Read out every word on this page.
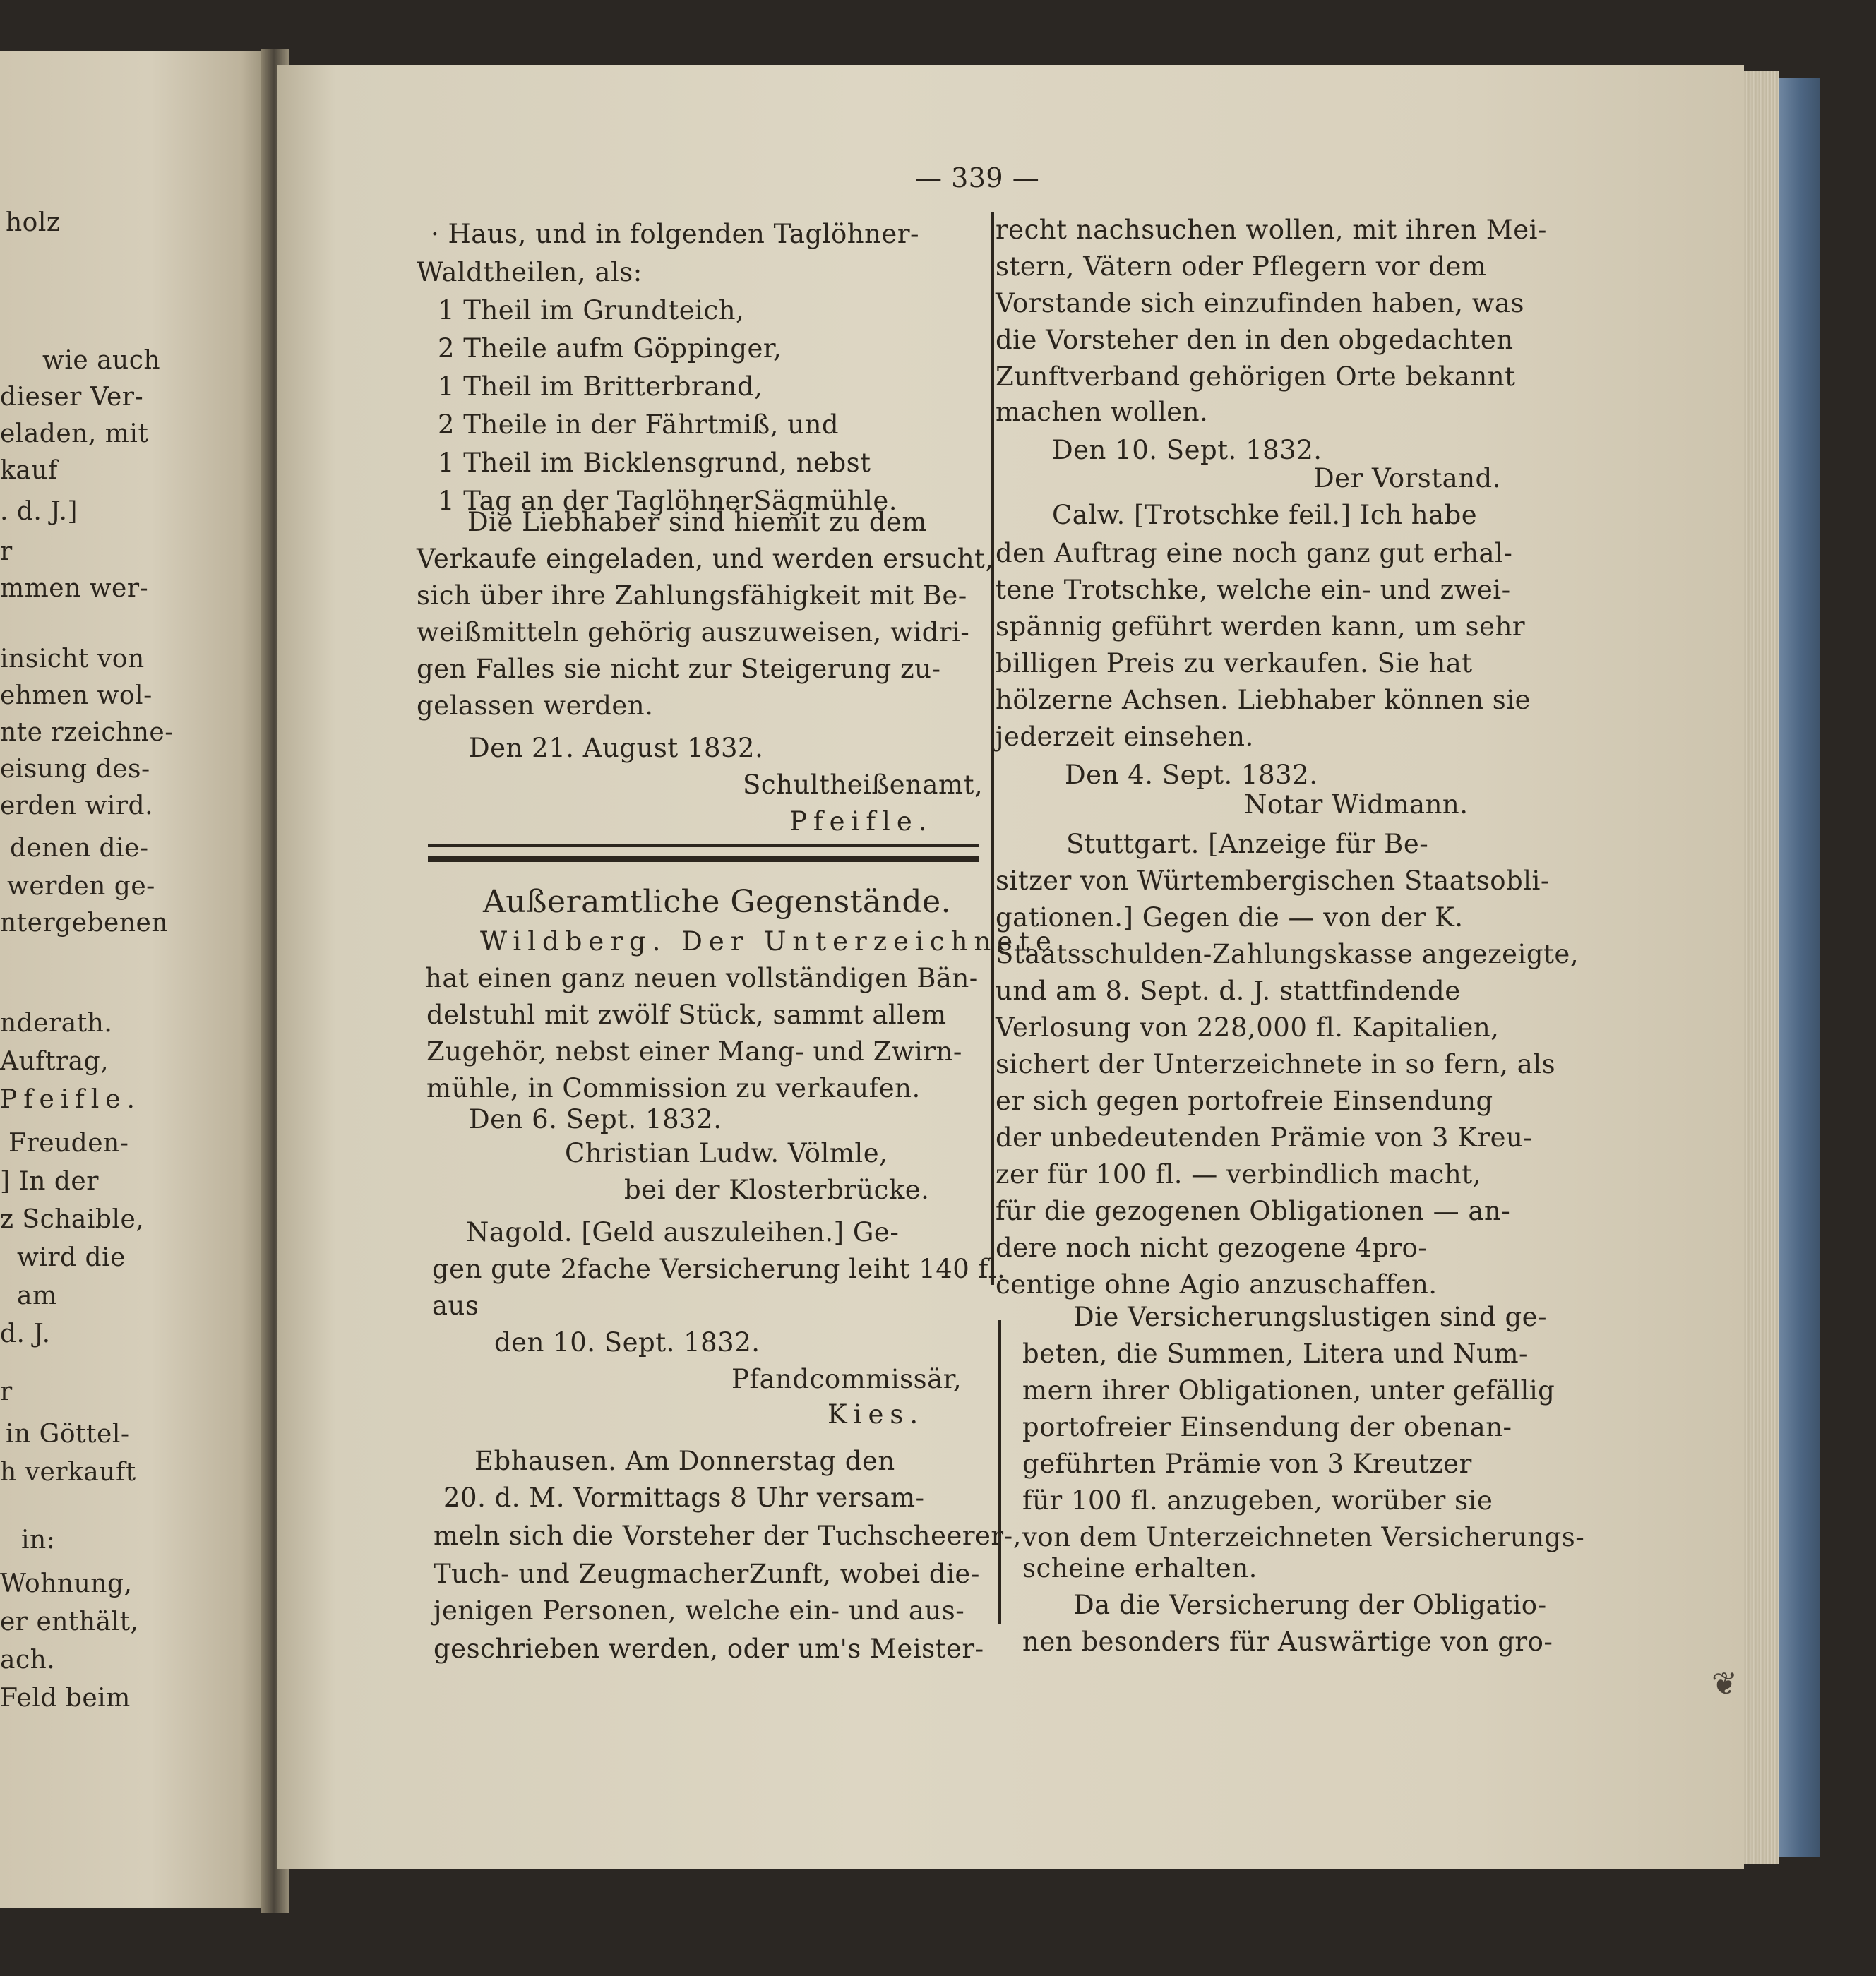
holz
wie auch
dieser Ver-
eladen, mit
kauf
. d. J.]
r
mmen wer-
insicht von
ehmen wol-
nte rzeichne-
eisung des-
erden wird.
denen die-
werden ge-
ntergebenen
nderath.
Auftrag,
Pfeifle.
Freuden-
] In der
z Schaible,
wird die
am
d. J.
r
in Göttel-
h verkauft
in:
Wohnung,
er enthält,
ach.
Feld beim
— 339 —
· Haus, und in folgenden Taglöhner-
Waldtheilen, als:
1 Theil im Grundteich,
2 Theile aufm Göppinger,
1 Theil im Britterbrand,
2 Theile in der Fährtmiß, und
1 Theil im Bicklensgrund, nebst
1 Tag an der TaglöhnerSägmühle.
Die Liebhaber sind hiemit zu dem
Verkaufe eingeladen, und werden ersucht,
sich über ihre Zahlungsfähigkeit mit Be-
weißmitteln gehörig auszuweisen, widri-
gen Falles sie nicht zur Steigerung zu-
gelassen werden.
Den 21. August 1832.
Schultheißenamt,
Pfeifle.
Außeramtliche Gegenstände.
Wildberg. Der Unterzeichnete
hat einen ganz neuen vollständigen Bän-
delstuhl mit zwölf Stück, sammt allem
Zugehör, nebst einer Mang- und Zwirn-
mühle, in Commission zu verkaufen.
Den 6. Sept. 1832.
Christian Ludw. Völmle,
bei der Klosterbrücke.
Nagold. [Geld auszuleihen.] Ge-
gen gute 2fache Versicherung leiht 140 fl.
aus
den 10. Sept. 1832.
Pfandcommissär,
Kies.
Ebhausen. Am Donnerstag den
20. d. M. Vormittags 8 Uhr versam-
meln sich die Vorsteher der Tuchscheerer-,
Tuch- und ZeugmacherZunft, wobei die-
jenigen Personen, welche ein- und aus-
geschrieben werden, oder um's Meister-
recht nachsuchen wollen, mit ihren Mei-
stern, Vätern oder Pflegern vor dem
Vorstande sich einzufinden haben, was
die Vorsteher den in den obgedachten
Zunftverband gehörigen Orte bekannt
machen wollen.
Den 10. Sept. 1832.
Der Vorstand.
Calw. [Trotschke feil.] Ich habe
den Auftrag eine noch ganz gut erhal-
tene Trotschke, welche ein- und zwei-
spännig geführt werden kann, um sehr
billigen Preis zu verkaufen. Sie hat
hölzerne Achsen. Liebhaber können sie
jederzeit einsehen.
Den 4. Sept. 1832.
Notar Widmann.
Stuttgart. [Anzeige für Be-
sitzer von Würtembergischen Staatsobli-
gationen.] Gegen die — von der K.
Staatsschulden-Zahlungskasse angezeigte,
und am 8. Sept. d. J. stattfindende
Verlosung von 228,000 fl. Kapitalien,
sichert der Unterzeichnete in so fern, als
er sich gegen portofreie Einsendung
der unbedeutenden Prämie von 3 Kreu-
zer für 100 fl. — verbindlich macht,
für die gezogenen Obligationen — an-
dere noch nicht gezogene 4pro-
centige ohne Agio anzuschaffen.
Die Versicherungslustigen sind ge-
beten, die Summen, Litera und Num-
mern ihrer Obligationen, unter gefällig
portofreier Einsendung der obenan-
geführten Prämie von 3 Kreutzer
für 100 fl. anzugeben, worüber sie
von dem Unterzeichneten Versicherungs-
scheine erhalten.
Da die Versicherung der Obligatio-
nen besonders für Auswärtige von gro-
❦
